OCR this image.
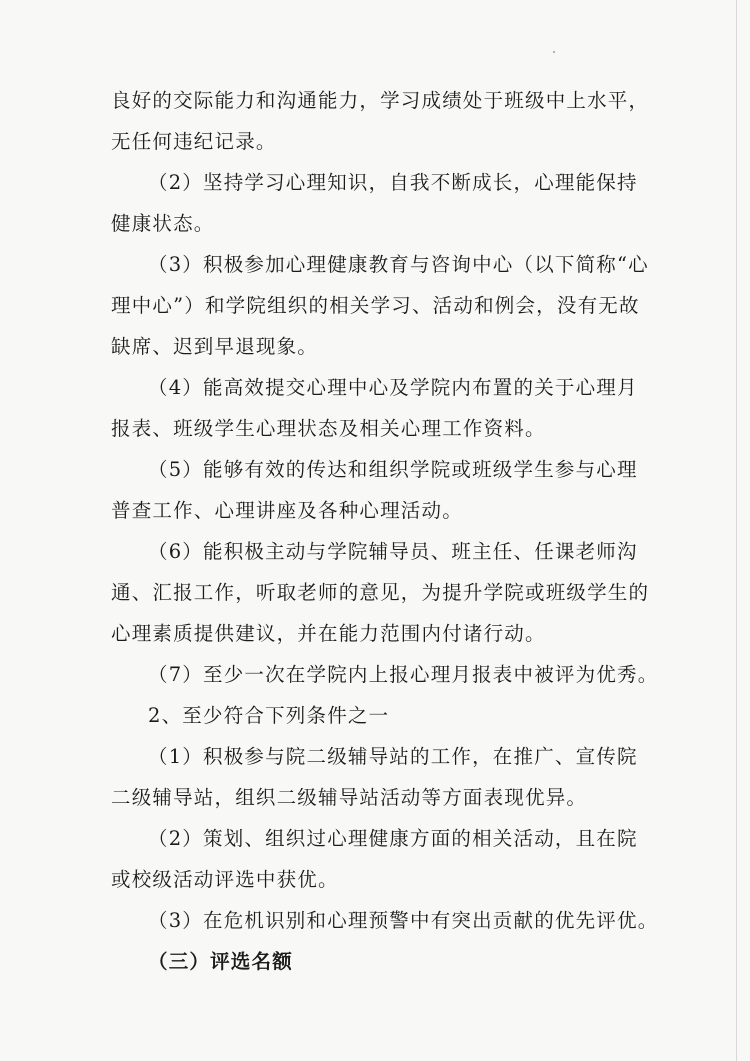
良好的交际能力和沟通能力，学习成绩处于班级中上水平，
无任何违纪记录。
（2）坚持学习心理知识，自我不断成长，心理能保持
健康状态。
（3）积极参加心理健康教育与咨询中心（以下简称“心
理中心”）和学院组织的相关学习、活动和例会，没有无故
缺席、迟到早退现象。
（4）能高效提交心理中心及学院内布置的关于心理月
报表、班级学生心理状态及相关心理工作资料。
（5）能够有效的传达和组织学院或班级学生参与心理
普查工作、心理讲座及各种心理活动。
（6）能积极主动与学院辅导员、班主任、任课老师沟
通、汇报工作，听取老师的意见，为提升学院或班级学生的
心理素质提供建议，并在能力范围内付诸行动。
（7）至少一次在学院内上报心理月报表中被评为优秀。
2、至少符合下列条件之一
（1）积极参与院二级辅导站的工作，在推广、宣传院
二级辅导站，组织二级辅导站活动等方面表现优异。
（2）策划、组织过心理健康方面的相关活动，且在院
或校级活动评选中获优。
（3）在危机识别和心理预警中有突出贡献的优先评优。
（三）评选名额
